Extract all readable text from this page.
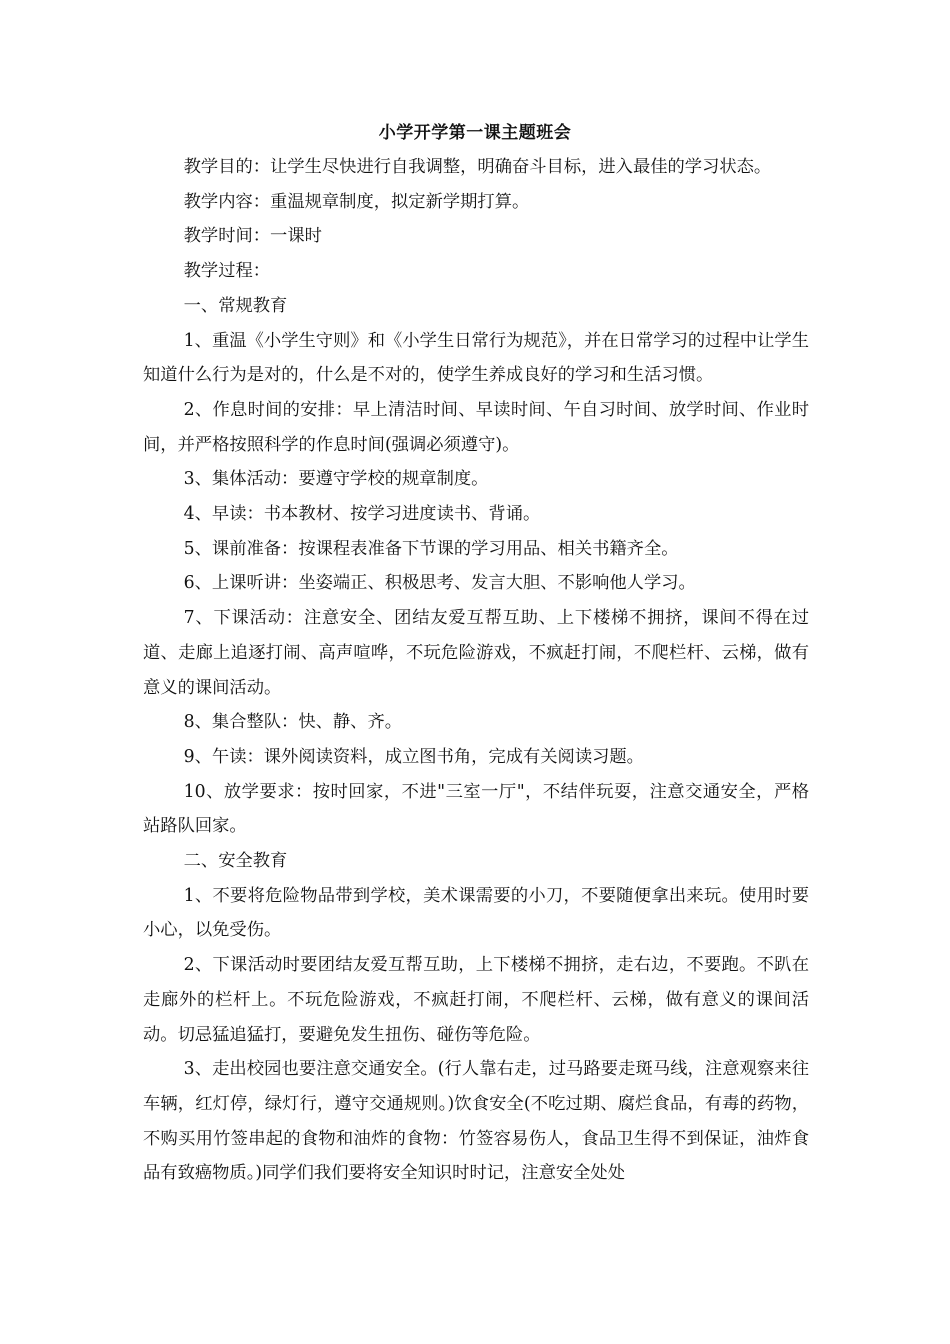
小学开学第一课主题班会

教学目的：让学生尽快进行自我调整，明确奋斗目标，进入最佳的学习状态。

教学内容：重温规章制度，拟定新学期打算。

教学时间：一课时

教学过程：

一、常规教育

1、重温《小学生守则》和《小学生日常行为规范》，并在日常学习的过程中让学生知道什么行为是对的，什么是不对的，使学生养成良好的学习和生活习惯。

2、作息时间的安排：早上清洁时间、早读时间、午自习时间、放学时间、作业时间，并严格按照科学的作息时间(强调必须遵守)。

3、集体活动：要遵守学校的规章制度。

4、早读：书本教材、按学习进度读书、背诵。

5、课前准备：按课程表准备下节课的学习用品、相关书籍齐全。

6、上课听讲：坐姿端正、积极思考、发言大胆、不影响他人学习。

7、下课活动：注意安全、团结友爱互帮互助、上下楼梯不拥挤，课间不得在过道、走廊上追逐打闹、高声喧哗，不玩危险游戏，不疯赶打闹，不爬栏杆、云梯，做有意义的课间活动。

8、集合整队：快、静、齐。

9、午读：课外阅读资料，成立图书角，完成有关阅读习题。

10、放学要求：按时回家，不进"三室一厅"，不结伴玩耍，注意交通安全，严格站路队回家。

二、安全教育

1、不要将危险物品带到学校，美术课需要的小刀，不要随便拿出来玩。使用时要小心，以免受伤。

2、下课活动时要团结友爱互帮互助，上下楼梯不拥挤，走右边，不要跑。不趴在走廊外的栏杆上。不玩危险游戏，不疯赶打闹，不爬栏杆、云梯，做有意义的课间活动。切忌猛追猛打，要避免发生扭伤、碰伤等危险。

3、走出校园也要注意交通安全。(行人靠右走，过马路要走斑马线，注意观察来往车辆，红灯停，绿灯行，遵守交通规则。)饮食安全(不吃过期、腐烂食品，有毒的药物，不购买用竹签串起的食物和油炸的食物：竹签容易伤人，食品卫生得不到保证，油炸食品有致癌物质。)同学们我们要将安全知识时时记，注意安全处处
